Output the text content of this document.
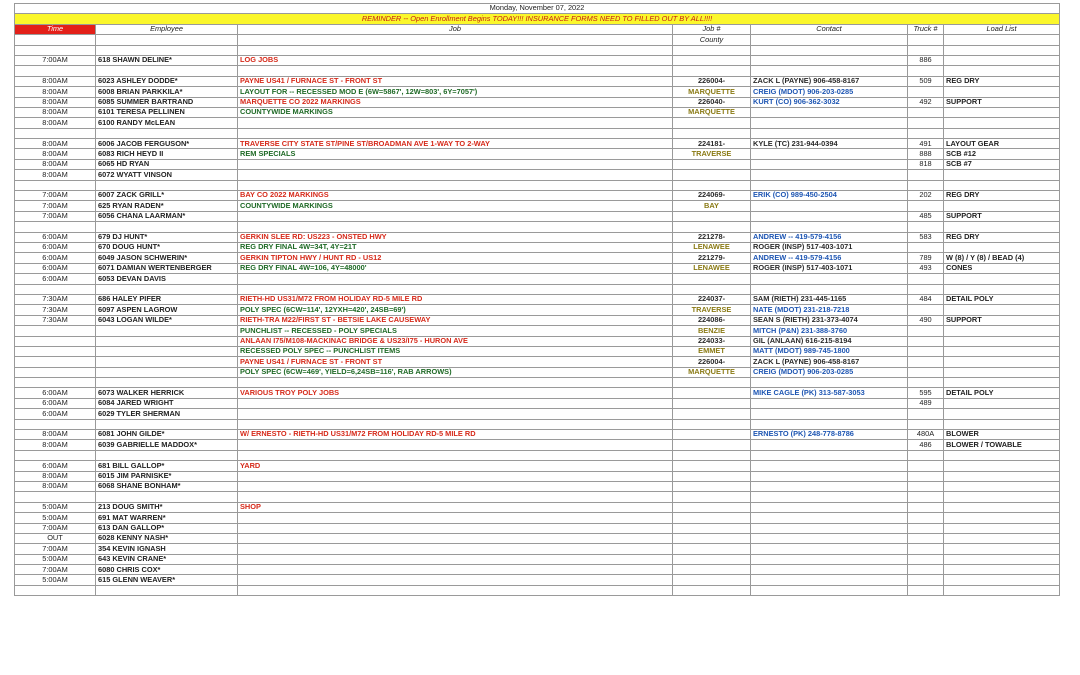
Monday, November 07, 2022						
REMINDER -- Open Enrollment Begins TODAY!!! INSURANCE FORMS NEED TO FILLED OUT BY ALL!!!!						
Time	Employee	Job	Job #	Contact	Truck #	Load List
			County			

7:00AM	618 SHAWN DELINE*	LOG JOBS			886	

8:00AM	6023 ASHLEY DODDE*	PAYNE US41 / FURNACE ST - FRONT ST	226004-	ZACK L (PAYNE) 906-458-8167	509	REG DRY
8:00AM	6008 BRIAN PARKKILA*	LAYOUT FOR -- RECESSED MOD E (6W=5867', 12W=803', 6Y=7057')	MARQUETTE	CREIG (MDOT) 906-203-0285		
8:00AM	6085 SUMMER BARTRAND	MARQUETTE CO 2022 MARKINGS	226040-	KURT (CO) 906-362-3032	492	SUPPORT
8:00AM	6101 TERESA PELLINEN	COUNTYWIDE MARKINGS	MARQUETTE			
8:00AM	6100 RANDY McLEAN					

8:00AM	6006 JACOB FERGUSON*	TRAVERSE CITY STATE ST/PINE ST/BROADMAN AVE 1-WAY TO 2-WAY	224181-	KYLE (TC) 231-944-0394	491	LAYOUT GEAR
8:00AM	6083 RICH HEYD II	REM SPECIALS	TRAVERSE		888	SCB #12
8:00AM	6065 HD RYAN				818	SCB #7
8:00AM	6072 WYATT VINSON					

7:00AM	6007 ZACK GRILL*	BAY CO 2022 MARKINGS	224069-	ERIK (CO) 989-450-2504	202	REG DRY
7:00AM	625 RYAN RADEN*	COUNTYWIDE MARKINGS	BAY			
7:00AM	6056 CHANA LAARMAN*				485	SUPPORT

6:00AM	679 DJ HUNT*	GERKIN SLEE RD: US223 - ONSTED HWY	221278-	ANDREW -- 419-579-4156	583	REG DRY
6:00AM	670 DOUG HUNT*	REG DRY FINAL 4W=34T, 4Y=21T	LENAWEE	ROGER (INSP) 517-403-1071		
6:00AM	6049 JASON SCHWERIN*	GERKIN TIPTON HWY / HUNT RD - US12	221279-	ANDREW -- 419-579-4156	789	W (8) / Y (8) / BEAD (4)
6:00AM	6071 DAMIAN WERTENBERGER	REG DRY FINAL 4W=106, 4Y=48000'	LENAWEE	ROGER (INSP) 517-403-1071	493	CONES
6:00AM	6053 DEVAN DAVIS					

7:30AM	686 HALEY PIFER	RIETH-HD US31/M72 FROM HOLIDAY RD-5 MILE RD	224037-	SAM (RIETH) 231-445-1165	484	DETAIL POLY
7:30AM	6097 ASPEN LAGROW	POLY SPEC (6CW=114', 12YXH=420', 24SB=69')	TRAVERSE	NATE (MDOT) 231-218-7218		
7:30AM	6043 LOGAN WILDE*	RIETH-TRA M22/FIRST ST - BETSIE LAKE CAUSEWAY	224086-	SEAN S (RIETH) 231-373-4074	490	SUPPORT
		PUNCHLIST -- RECESSED - POLY SPECIALS	BENZIE	MITCH (P&N) 231-388-3760		
		ANLAAN I75/M108-MACKINAC BRIDGE & US23/I75 - HURON AVE	224033-	GIL (ANLAAN) 616-215-8194		
		RECESSED POLY SPEC -- PUNCHLIST ITEMS	EMMET	MATT (MDOT) 989-745-1800		
		PAYNE US41 / FURNACE ST - FRONT ST	226004-	ZACK L (PAYNE) 906-458-8167		
		POLY SPEC (6CW=469', YIELD=6,24SB=116', RAB ARROWS)	MARQUETTE	CREIG (MDOT) 906-203-0285		

6:00AM	6073 WALKER HERRICK	VARIOUS TROY POLY JOBS		MIKE CAGLE (PK) 313-587-3053	595	DETAIL POLY
6:00AM	6084 JARED WRIGHT				489	
6:00AM	6029 TYLER SHERMAN					

8:00AM	6081 JOHN GILDE*	W/ ERNESTO - RIETH-HD US31/M72 FROM HOLIDAY RD-5 MILE RD		ERNESTO (PK) 248-778-8786	480A	BLOWER
8:00AM	6039 GABRIELLE MADDOX*				486	BLOWER / TOWABLE

6:00AM	681 BILL GALLOP*	YARD				
8:00AM	6015 JIM PARNISKE*					
8:00AM	6068 SHANE BONHAM*					

5:00AM	213 DOUG SMITH*	SHOP				
5:00AM	691 MAT WARREN*					
7:00AM	613 DAN GALLOP*					
OUT	6028 KENNY NASH*					
7:00AM	354 KEVIN IGNASH					
5:00AM	643 KEVIN CRANE*					
7:00AM	6080 CHRIS COX*					
5:00AM	615 GLENN WEAVER*					
